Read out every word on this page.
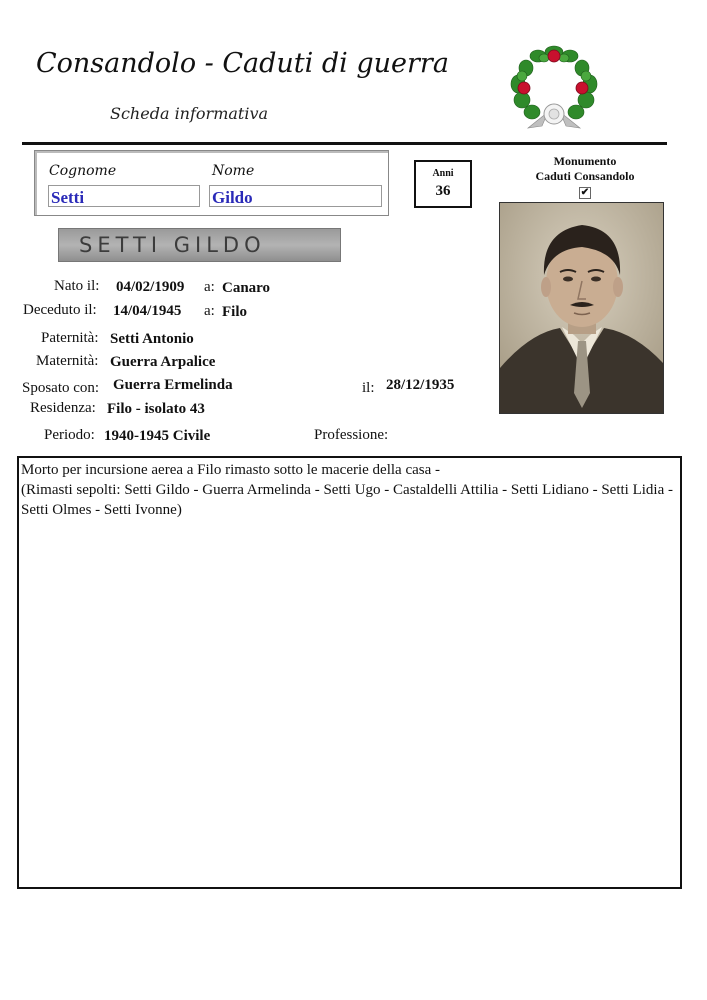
Consandolo - Caduti di guerra
Scheda informativa
Cognome	Nome
Setti	Gildo
Anni
36
Monumento
Caduti Consandolo
✔
SETTI GILDO
Nato il: 04/02/1909 a: Canaro
Deceduto il: 14/04/1945 a: Filo
Paternità: Setti Antonio
Maternità: Guerra Arpalice
Sposato con: Guerra Ermelinda	il: 28/12/1935
Residenza: Filo - isolato 43
Periodo: 1940-1945 Civile	Professione:
Morto per incursione aerea a Filo rimasto sotto le macerie della casa -
(Rimasti sepolti: Setti Gildo - Guerra Armelinda - Setti Ugo - Castaldelli Attilia - Setti Lidiano - Setti Lidia - Setti Olmes - Setti Ivonne)
